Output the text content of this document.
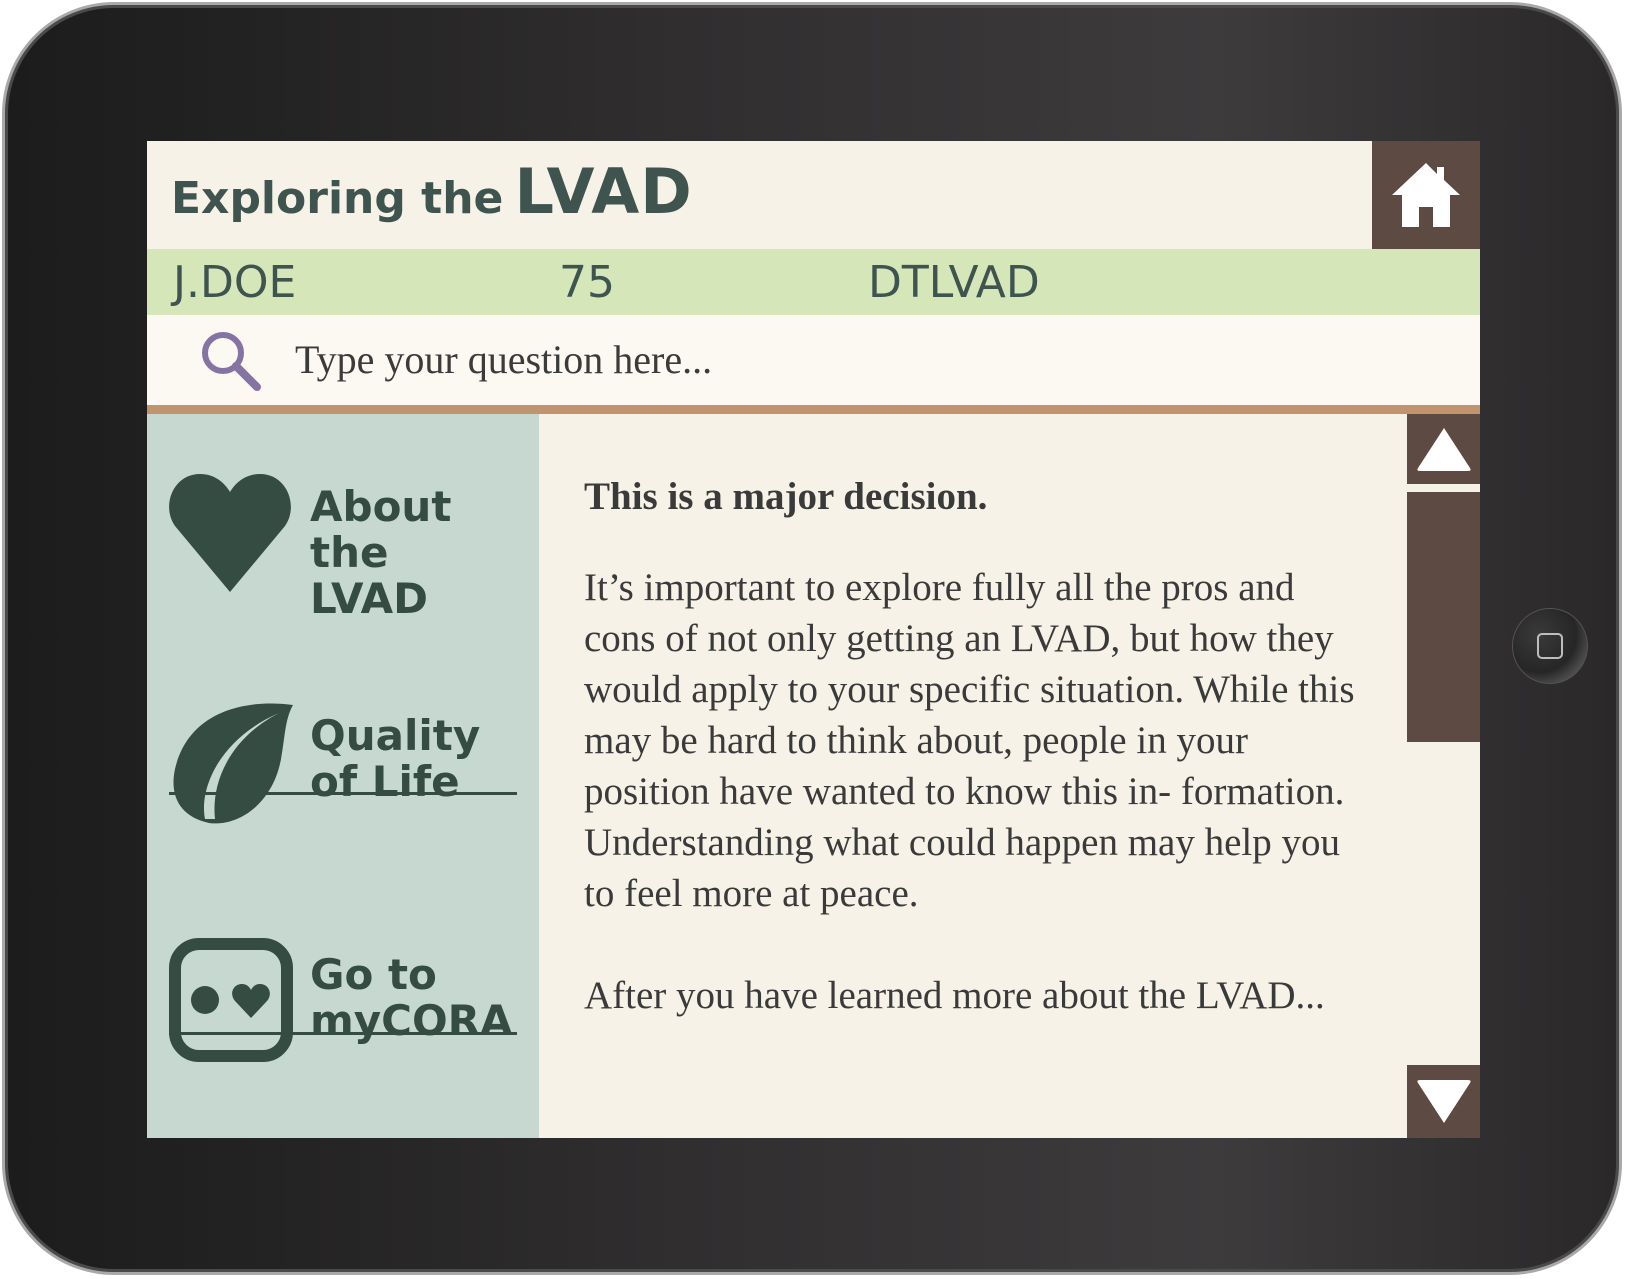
Exploring the LVAD
J.DOE	75	DTLVAD
Type your question here...
About the LVAD
Quality of Life
Go to myCORA

This is a major decision.

It’s important to explore fully all the pros and cons of not only getting an LVAD, but how they would apply to your specific situation. While this may be hard to think about, people in your position have wanted to know this in- formation. Understanding what could happen may help you to feel more at peace.

After you have learned more about the LVAD...
